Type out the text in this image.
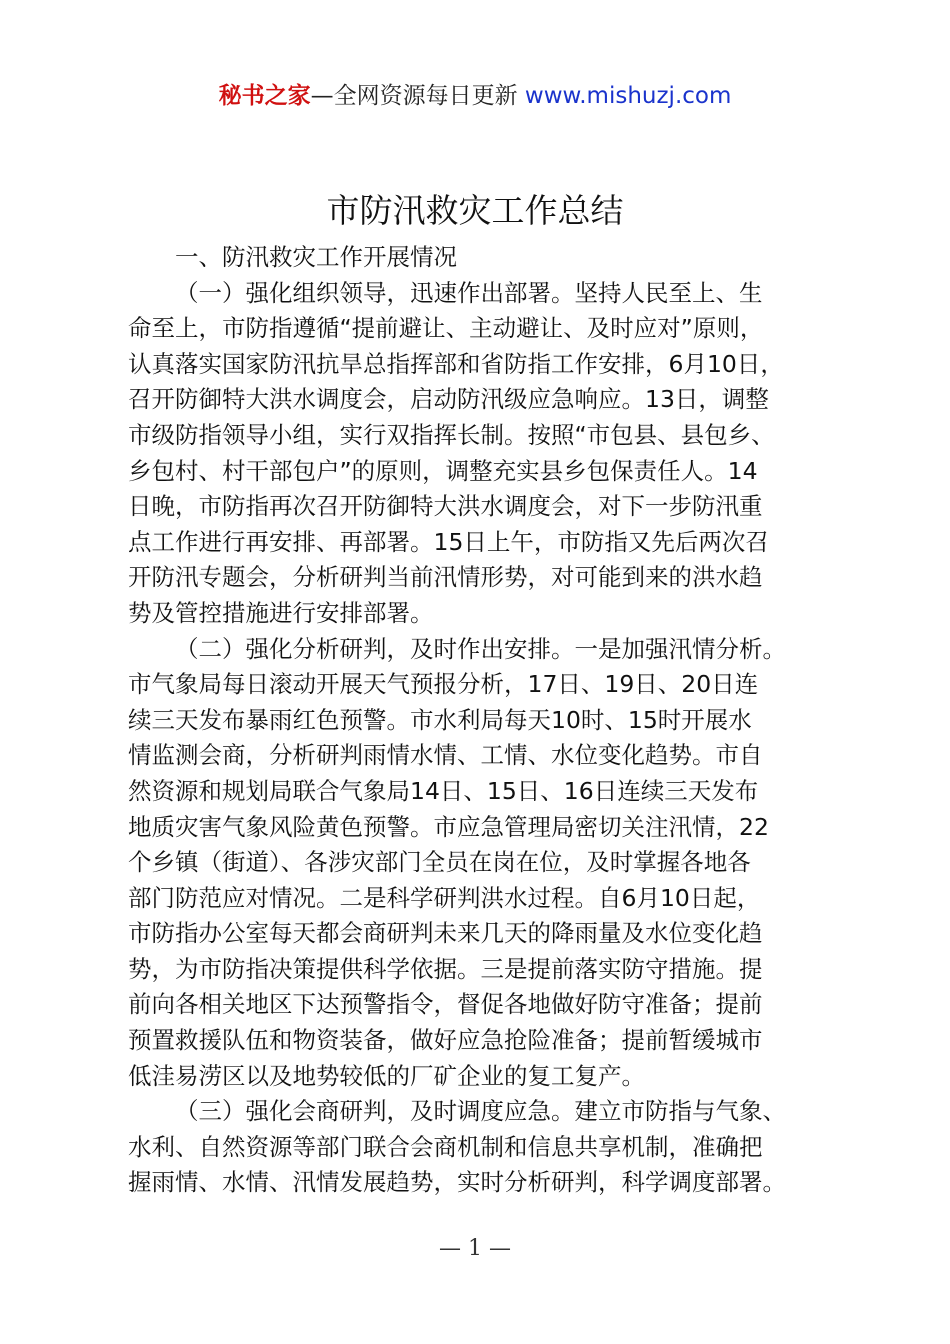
秘书之家—全网资源每日更新 www.mishuzj.com
市防汛救灾工作总结
一、防汛救灾工作开展情况
（一）强化组织领导，迅速作出部署。坚持人民至上、生
命至上，市防指遵循“提前避让、主动避让、及时应对”原则，
认真落实国家防汛抗旱总指挥部和省防指工作安排，6月10日，
召开防御特大洪水调度会，启动防汛级应急响应。13日，调整
市级防指领导小组，实行双指挥长制。按照“市包县、县包乡、
乡包村、村干部包户”的原则，调整充实县乡包保责任人。14
日晚，市防指再次召开防御特大洪水调度会，对下一步防汛重
点工作进行再安排、再部署。15日上午，市防指又先后两次召
开防汛专题会，分析研判当前汛情形势，对可能到来的洪水趋
势及管控措施进行安排部署。
（二）强化分析研判，及时作出安排。一是加强汛情分析。
市气象局每日滚动开展天气预报分析，17日、19日、20日连
续三天发布暴雨红色预警。市水利局每天10时、15时开展水
情监测会商，分析研判雨情水情、工情、水位变化趋势。市自
然资源和规划局联合气象局14日、15日、16日连续三天发布
地质灾害气象风险黄色预警。市应急管理局密切关注汛情，22
个乡镇（街道）、各涉灾部门全员在岗在位，及时掌握各地各
部门防范应对情况。二是科学研判洪水过程。自6月10日起，
市防指办公室每天都会商研判未来几天的降雨量及水位变化趋
势，为市防指决策提供科学依据。三是提前落实防守措施。提
前向各相关地区下达预警指令，督促各地做好防守准备；提前
预置救援队伍和物资装备，做好应急抢险准备；提前暂缓城市
低洼易涝区以及地势较低的厂矿企业的复工复产。
（三）强化会商研判，及时调度应急。建立市防指与气象、
水利、自然资源等部门联合会商机制和信息共享机制，准确把
握雨情、水情、汛情发展趋势，实时分析研判，科学调度部署。
— 1 —
